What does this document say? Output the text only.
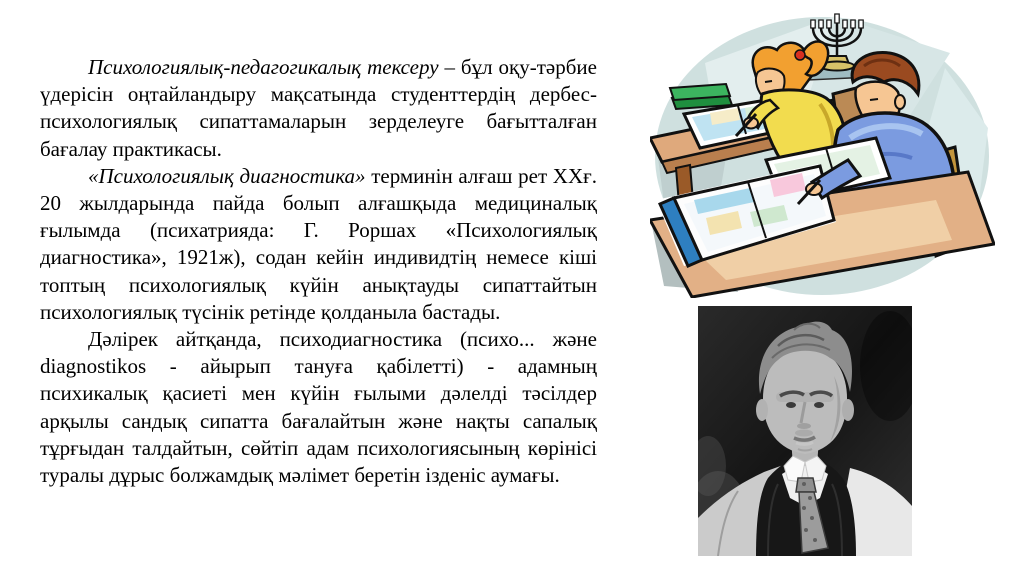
Психологиялық-педагогикалық тексеру – бұл оқу-тәрбие үдерісін оңтайландыру мақсатында студенттердің дербес-психологиялық сипаттамаларын зерделеуге бағытталған бағалау практикасы.

«Психологиялық диагностика» терминін алғаш рет ХХғ. 20 жылдарында пайда болып алғашқыда медициналық ғылымда (психатрияда: Г. Роршах «Психологиялық диагностика», 1921ж), содан кейін индивидтің немесе кіші топтың психологиялық күйін анықтауды сипаттайтын психологиялық түсінік ретінде қолданыла бастады.

Дәлірек айтқанда, психодиагностика (психо... және diagnostikos - айырып тануға қабілетті) - адамның психикалық қасиеті мен күйін ғылыми дәлелді тәсілдер арқылы сандық сипатта бағалайтын және нақты сапалық тұрғыдан талдайтын, сөйтіп адам психологиясының көрінісі туралы дұрыс болжамдық мәлімет беретін ізденіс аумағы.
